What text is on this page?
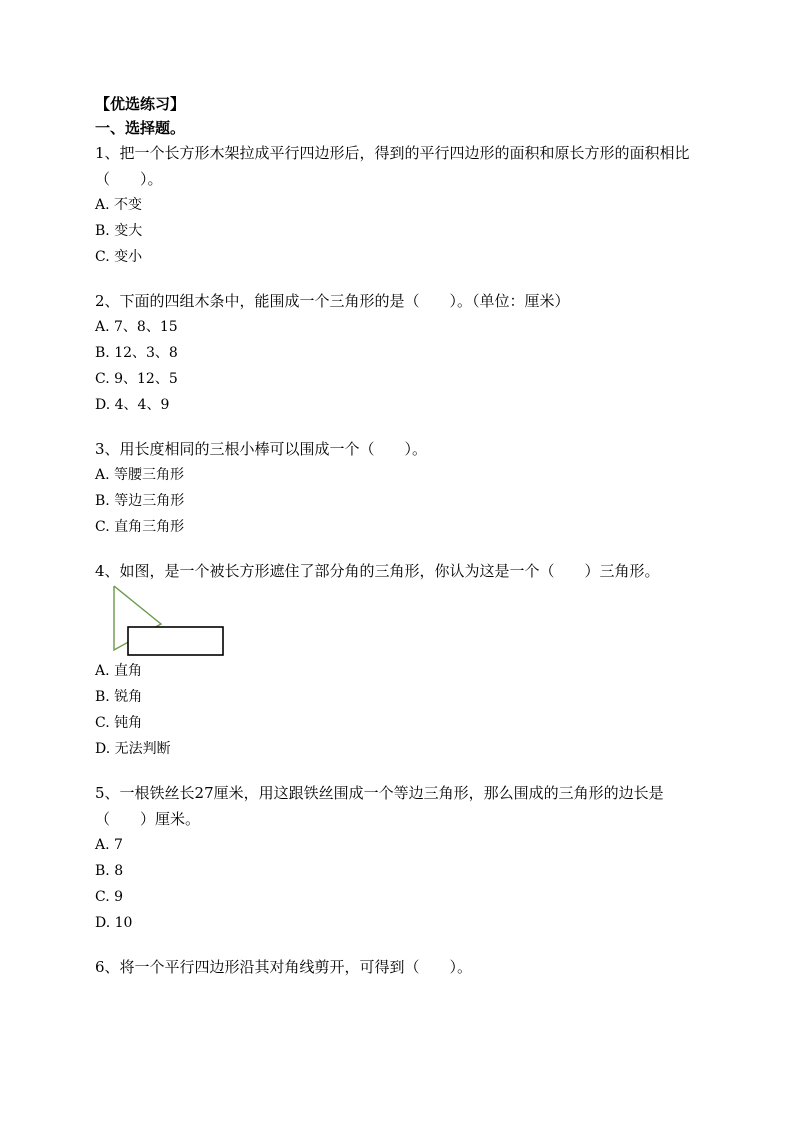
【优选练习】

一、选择题。

1、把一个长方形木架拉成平行四边形后，得到的平行四边形的面积和原长方形的面积相比（　　）。

A. 不变

B. 变大

C. 变小

2、下面的四组木条中，能围成一个三角形的是（　　）。（单位：厘米）

A. 7、8、15

B. 12、3、8

C. 9、12、5

D. 4、4、9

3、用长度相同的三根小棒可以围成一个（　　）。

A. 等腰三角形

B. 等边三角形

C. 直角三角形

4、如图，是一个被长方形遮住了部分角的三角形，你认为这是一个（　　）三角形。

A. 直角

B. 锐角

C. 钝角

D. 无法判断

5、一根铁丝长27厘米，用这跟铁丝围成一个等边三角形，那么围成的三角形的边长是（　　）厘米。

A. 7

B. 8

C. 9

D. 10

6、将一个平行四边形沿其对角线剪开，可得到（　　）。
